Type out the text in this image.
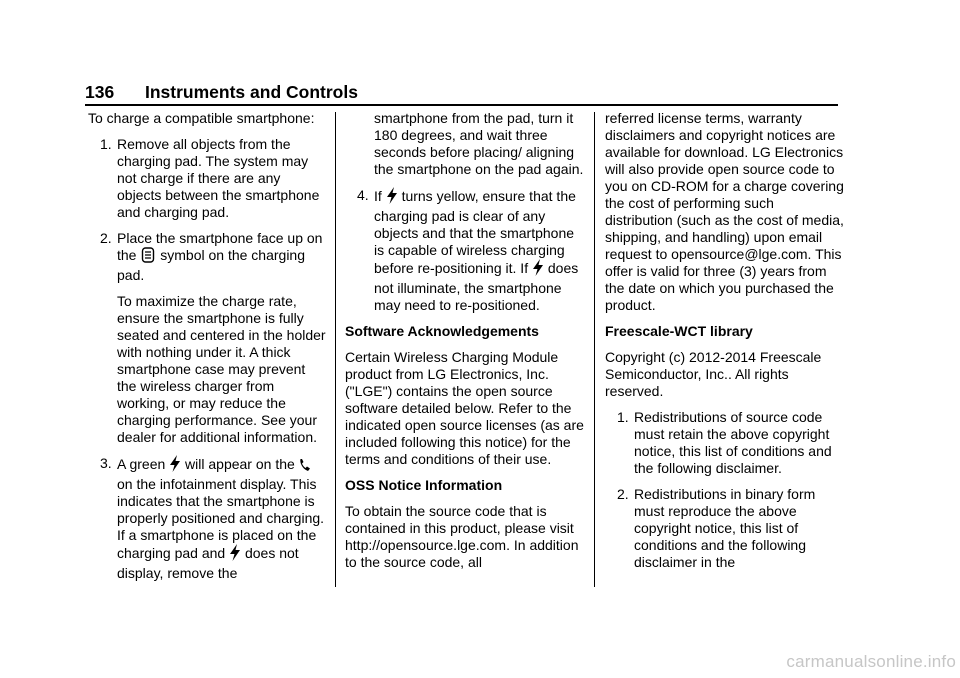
136 Instruments and Controls

To charge a compatible smartphone:

1. Remove all objects from the charging pad. The system may not charge if there are any objects between the smartphone and charging pad.
2. Place the smartphone face up on the symbol on the charging pad.

To maximize the charge rate, ensure the smartphone is fully seated and centered in the holder with nothing under it. A thick smartphone case may prevent the wireless charger from working, or may reduce the charging performance. See your dealer for additional information.

3. A green will appear on the  on the infotainment display. This indicates that the smartphone is properly positioned and charging. If a smartphone is placed on the charging pad and does not display, remove the

smartphone from the pad, turn it 180 degrees, and wait three seconds before placing/ aligning the smartphone on the pad again.

4. If turns yellow, ensure that the charging pad is clear of any objects and that the smartphone is capable of wireless charging before re-positioning it. If does not illuminate, the smartphone may need to re-positioned.

Software Acknowledgements

Certain Wireless Charging Module product from LG Electronics, Inc. ("LGE") contains the open source software detailed below. Refer to the indicated open source licenses (as are included following this notice) for the terms and conditions of their use.

OSS Notice Information

To obtain the source code that is contained in this product, please visit http://opensource.lge.com. In addition to the source code, all

referred license terms, warranty disclaimers and copyright notices are available for download. LG Electronics will also provide open source code to you on CD-ROM for a charge covering the cost of performing such distribution (such as the cost of media, shipping, and handling) upon email request to opensource@lge.com. This offer is valid for three (3) years from the date on which you purchased the product.

Freescale-WCT library

Copyright (c) 2012-2014 Freescale Semiconductor, Inc.. All rights reserved.

1. Redistributions of source code must retain the above copyright notice, this list of conditions and the following disclaimer.
2. Redistributions in binary form must reproduce the above copyright notice, this list of conditions and the following disclaimer in the
carmanualsonline.info
